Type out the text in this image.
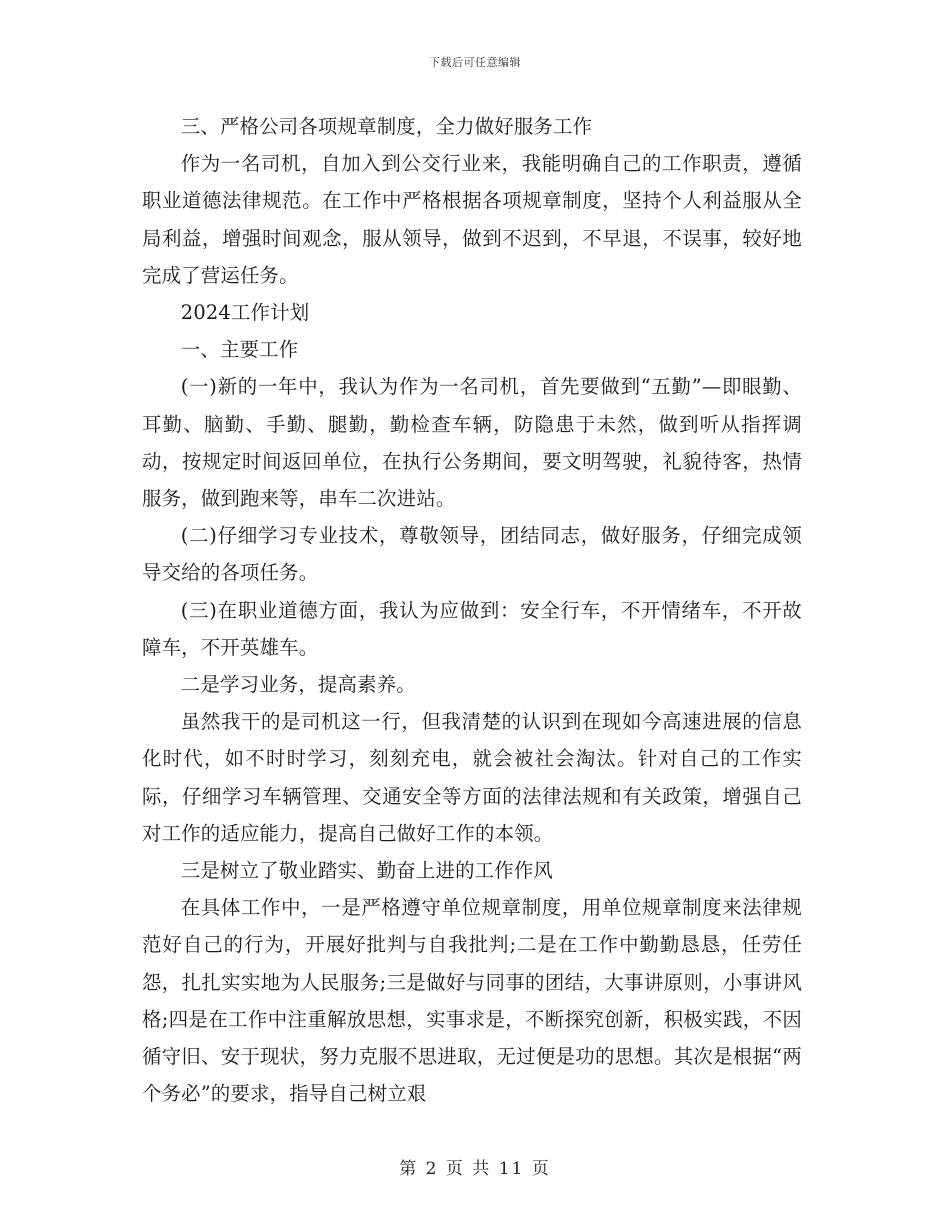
下载后可任意编辑

三、严格公司各项规章制度，全力做好服务工作

作为一名司机，自加入到公交行业来，我能明确自己的工作职责，遵循职业道德法律规范。在工作中严格根据各项规章制度，坚持个人利益服从全局利益，增强时间观念，服从领导，做到不迟到，不早退，不误事，较好地完成了营运任务。

2024工作计划

一、主要工作

(一)新的一年中，我认为作为一名司机，首先要做到“五勤”—即眼勤、耳勤、脑勤、手勤、腿勤，勤检查车辆，防隐患于未然，做到听从指挥调动，按规定时间返回单位，在执行公务期间，要文明驾驶，礼貌待客，热情服务，做到跑来等，串车二次进站。

(二)仔细学习专业技术，尊敬领导，团结同志，做好服务，仔细完成领导交给的各项任务。

(三)在职业道德方面，我认为应做到：安全行车，不开情绪车，不开故障车，不开英雄车。

二是学习业务，提高素养。

虽然我干的是司机这一行，但我清楚的认识到在现如今高速进展的信息化时代，如不时时学习，刻刻充电，就会被社会淘汰。针对自己的工作实际，仔细学习车辆管理、交通安全等方面的法律法规和有关政策，增强自己对工作的适应能力，提高自己做好工作的本领。

三是树立了敬业踏实、勤奋上进的工作作风

在具体工作中，一是严格遵守单位规章制度，用单位规章制度来法律规范好自己的行为，开展好批判与自我批判;二是在工作中勤勤恳恳，任劳任怨，扎扎实实地为人民服务;三是做好与同事的团结，大事讲原则，小事讲风格;四是在工作中注重解放思想，实事求是，不断探究创新，积极实践，不因循守旧、安于现状，努力克服不思进取，无过便是功的思想。其次是根据“两个务必”的要求，指导自己树立艰

第 2 页 共 11 页
